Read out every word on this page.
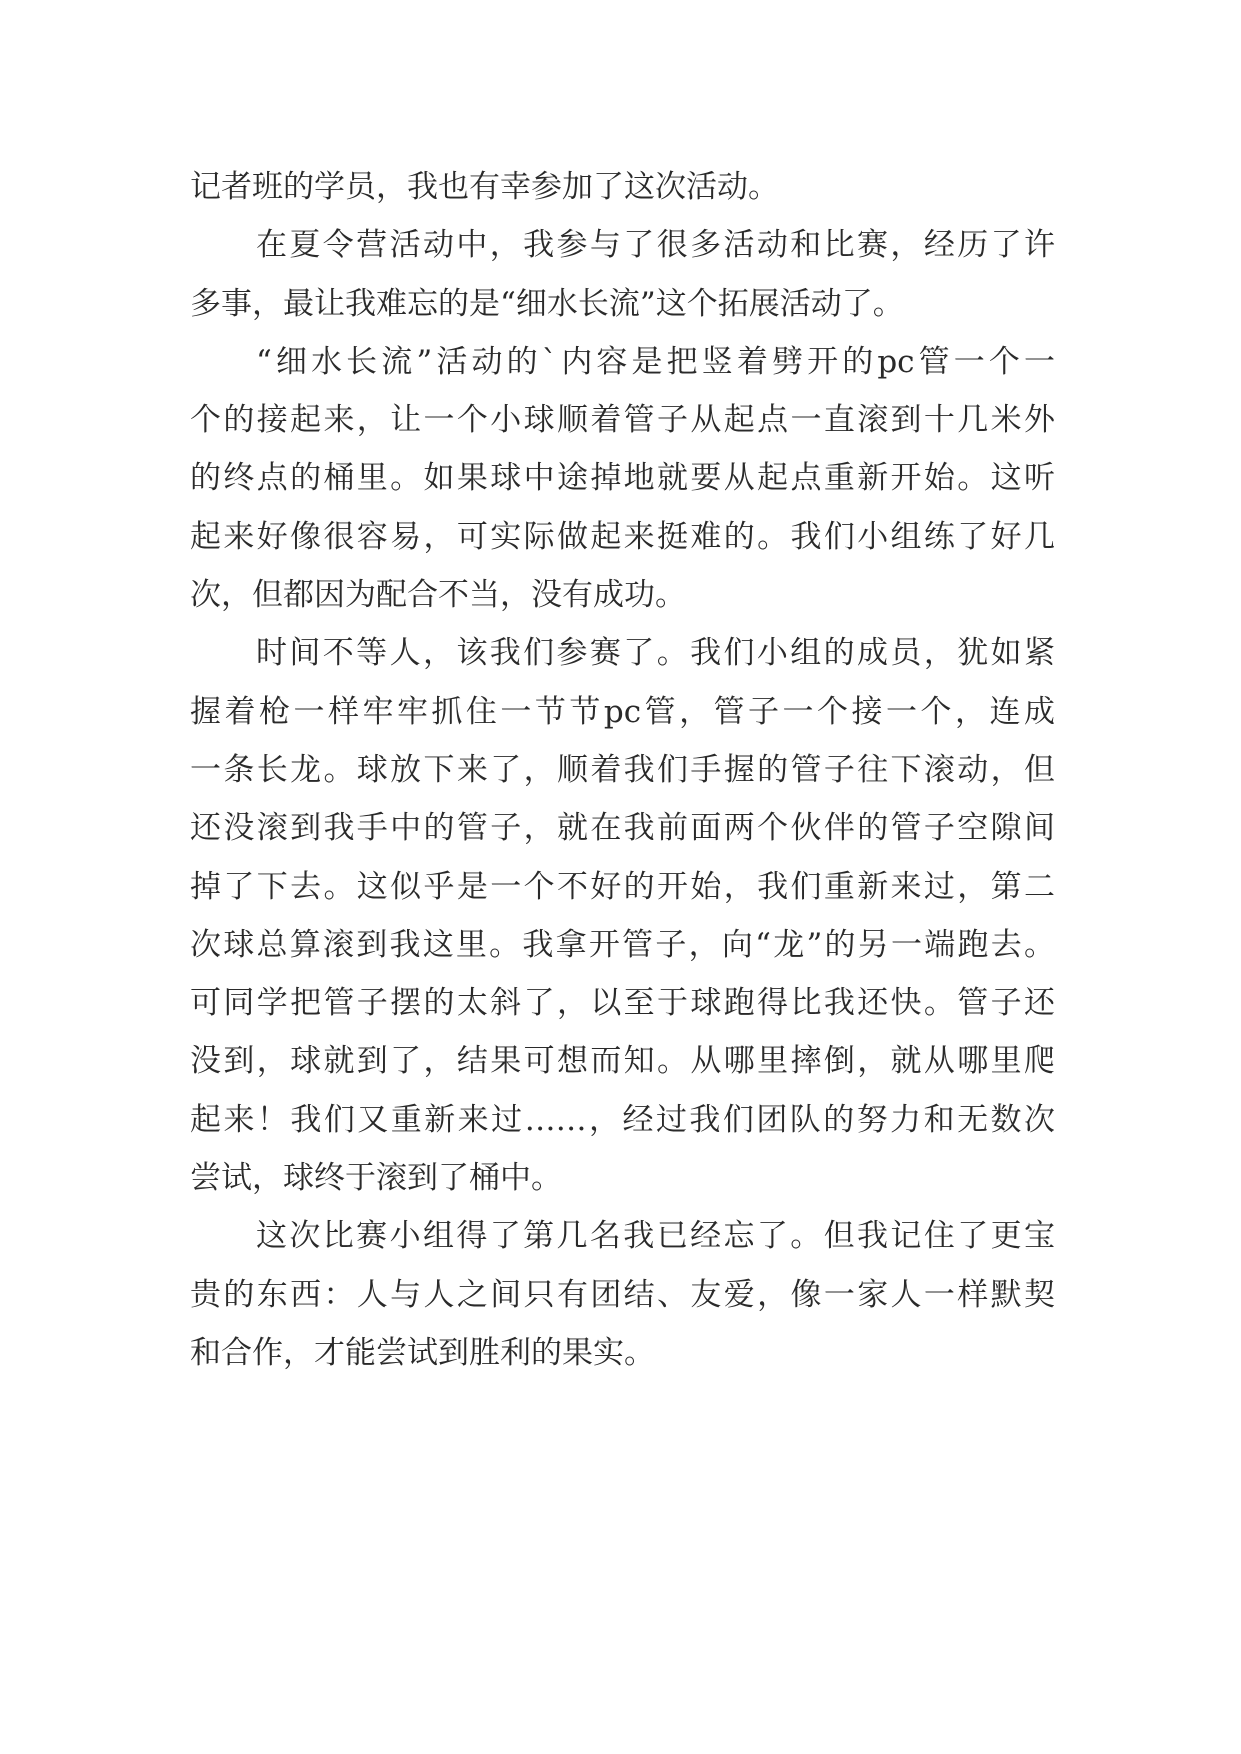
记者班的学员，我也有幸参加了这次活动。
在夏令营活动中，我参与了很多活动和比赛，经历了许
多事，最让我难忘的是“细水长流”这个拓展活动了。
“细水长流”活动的`内容是把竖着劈开的pc管一个一
个的接起来，让一个小球顺着管子从起点一直滚到十几米外
的终点的桶里。如果球中途掉地就要从起点重新开始。这听
起来好像很容易，可实际做起来挺难的。我们小组练了好几
次，但都因为配合不当，没有成功。
时间不等人，该我们参赛了。我们小组的成员，犹如紧
握着枪一样牢牢抓住一节节pc管，管子一个接一个，连成
一条长龙。球放下来了，顺着我们手握的管子往下滚动，但
还没滚到我手中的管子，就在我前面两个伙伴的管子空隙间
掉了下去。这似乎是一个不好的开始，我们重新来过，第二
次球总算滚到我这里。我拿开管子，向“龙”的另一端跑去。
可同学把管子摆的太斜了，以至于球跑得比我还快。管子还
没到，球就到了，结果可想而知。从哪里摔倒，就从哪里爬
起来！我们又重新来过……，经过我们团队的努力和无数次
尝试，球终于滚到了桶中。
这次比赛小组得了第几名我已经忘了。但我记住了更宝
贵的东西：人与人之间只有团结、友爱，像一家人一样默契
和合作，才能尝试到胜利的果实。
